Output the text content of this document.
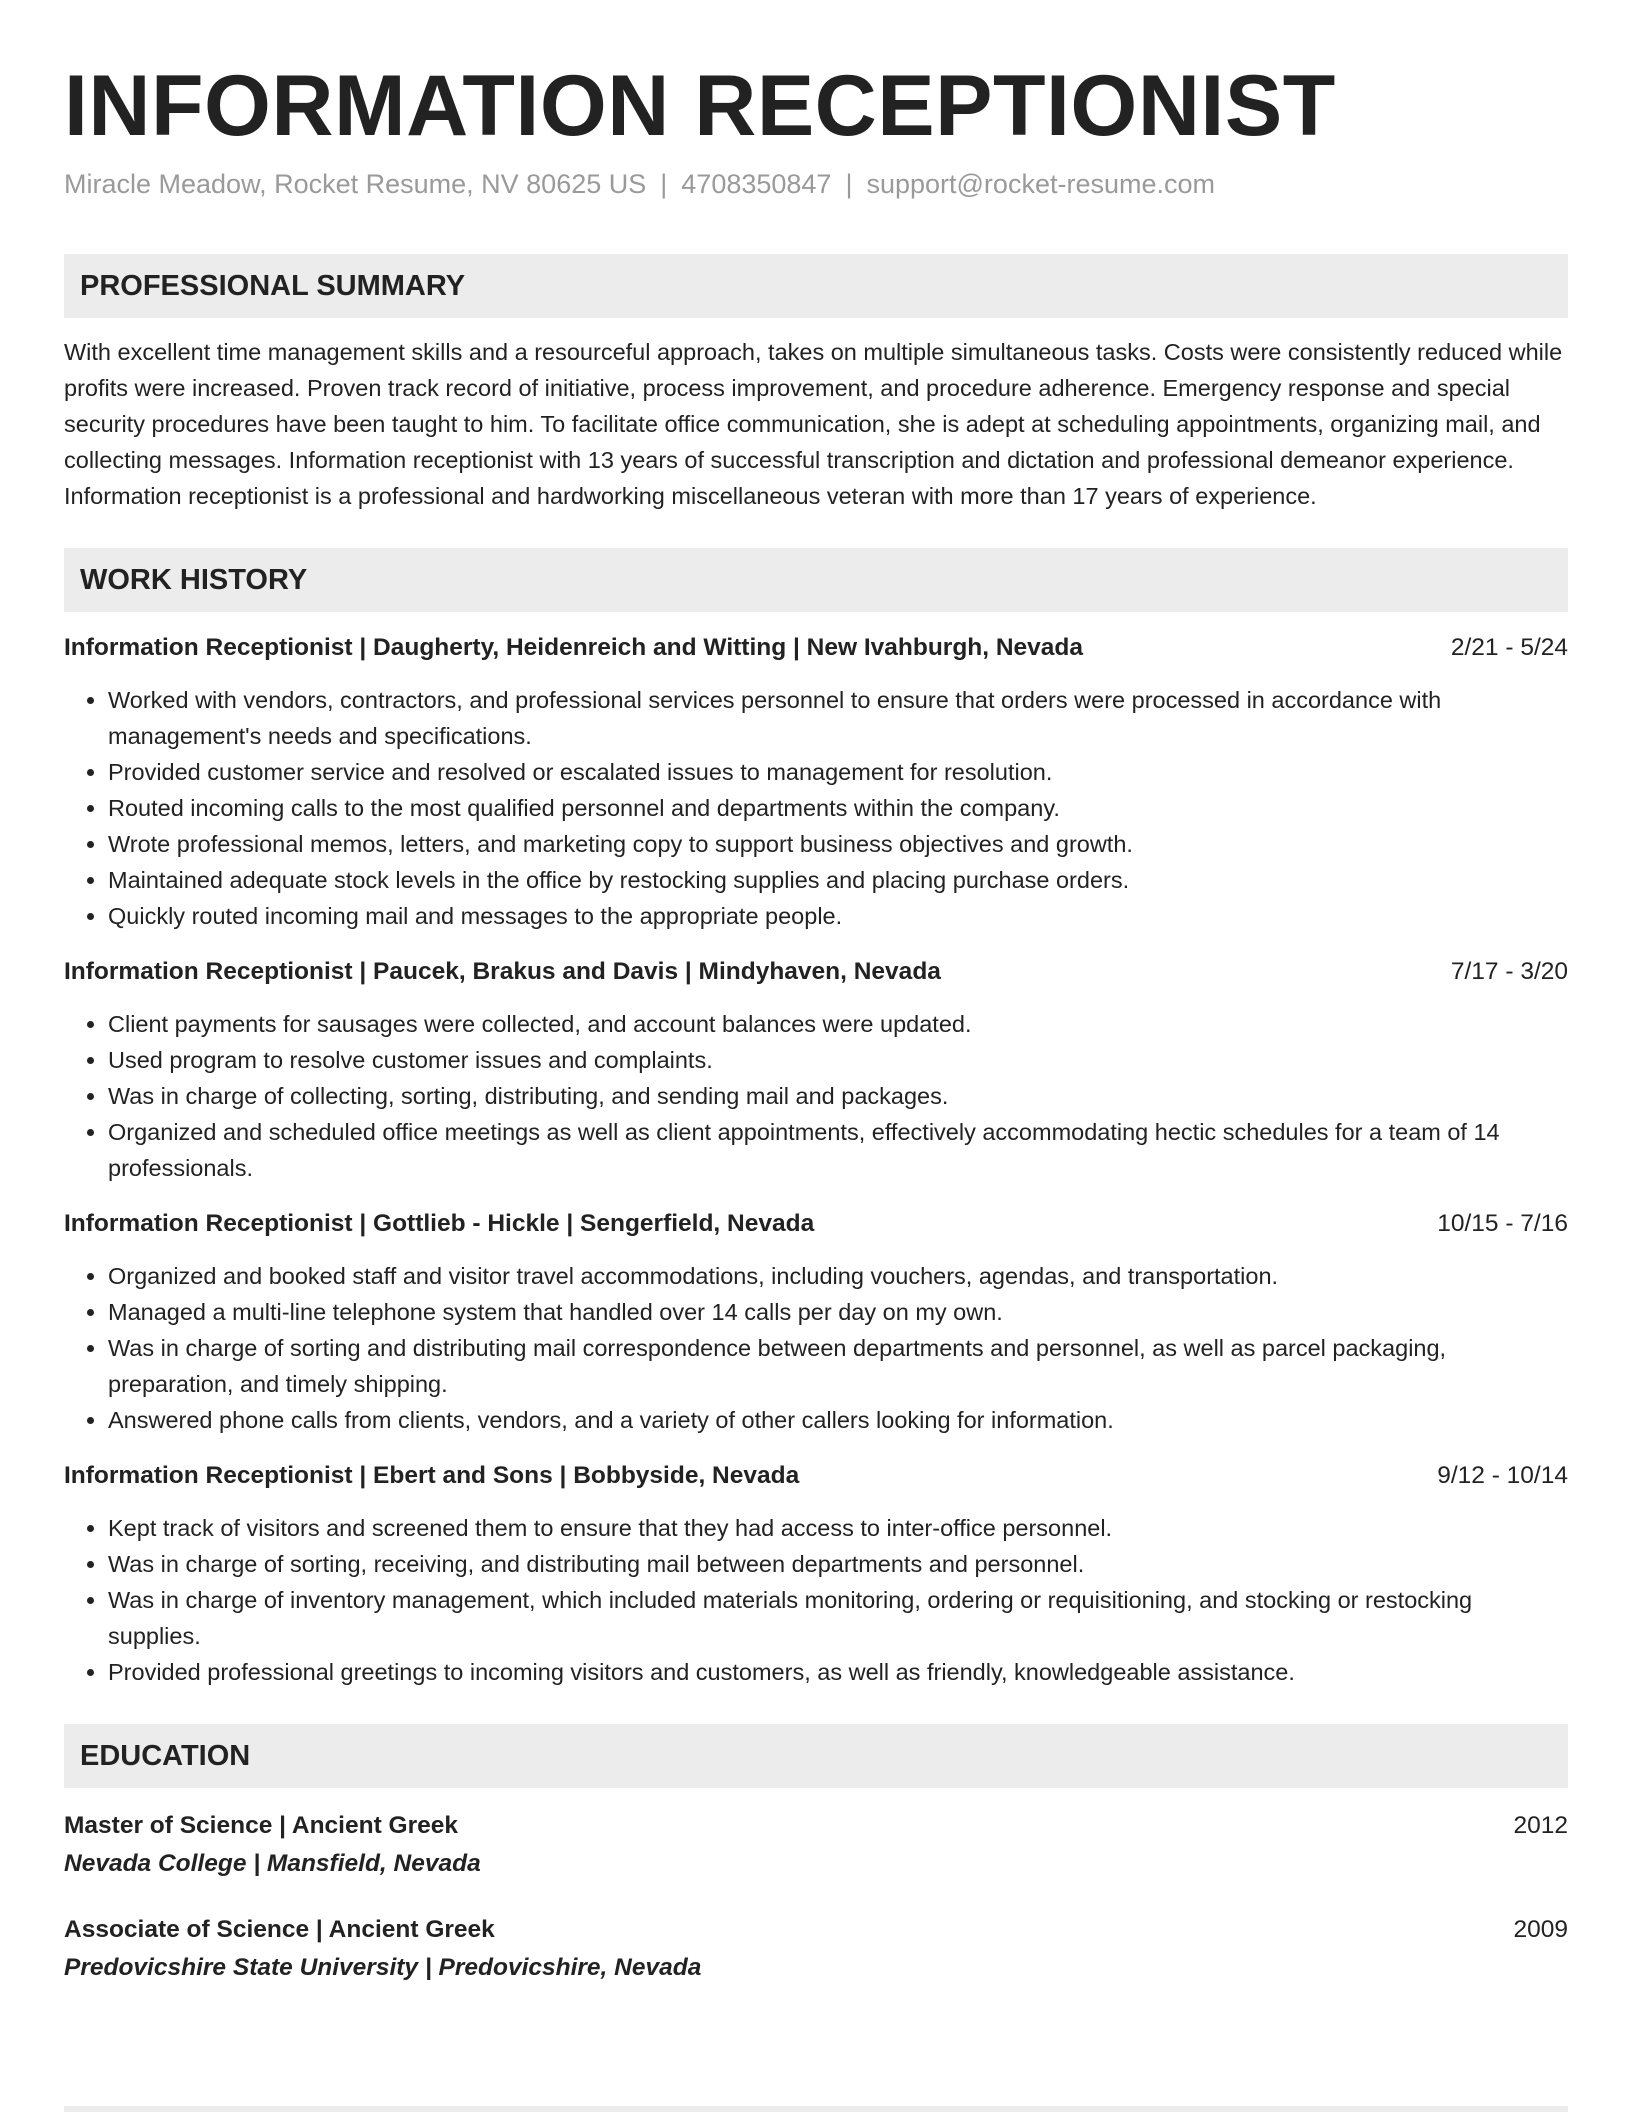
INFORMATION RECEPTIONIST
Miracle Meadow, Rocket Resume, NV 80625 US | 4708350847 | support@rocket-resume.com
PROFESSIONAL SUMMARY
With excellent time management skills and a resourceful approach, takes on multiple simultaneous tasks. Costs were consistently reduced while profits were increased. Proven track record of initiative, process improvement, and procedure adherence. Emergency response and special security procedures have been taught to him. To facilitate office communication, she is adept at scheduling appointments, organizing mail, and collecting messages. Information receptionist with 13 years of successful transcription and dictation and professional demeanor experience. Information receptionist is a professional and hardworking miscellaneous veteran with more than 17 years of experience.
WORK HISTORY
Information Receptionist | Daugherty, Heidenreich and Witting | New Ivahburgh, Nevada	2/21 - 5/24
• Worked with vendors, contractors, and professional services personnel to ensure that orders were processed in accordance with management's needs and specifications.
• Provided customer service and resolved or escalated issues to management for resolution.
• Routed incoming calls to the most qualified personnel and departments within the company.
• Wrote professional memos, letters, and marketing copy to support business objectives and growth.
• Maintained adequate stock levels in the office by restocking supplies and placing purchase orders.
• Quickly routed incoming mail and messages to the appropriate people.
Information Receptionist | Paucek, Brakus and Davis | Mindyhaven, Nevada	7/17 - 3/20
• Client payments for sausages were collected, and account balances were updated.
• Used program to resolve customer issues and complaints.
• Was in charge of collecting, sorting, distributing, and sending mail and packages.
• Organized and scheduled office meetings as well as client appointments, effectively accommodating hectic schedules for a team of 14 professionals.
Information Receptionist | Gottlieb - Hickle | Sengerfield, Nevada	10/15 - 7/16
• Organized and booked staff and visitor travel accommodations, including vouchers, agendas, and transportation.
• Managed a multi-line telephone system that handled over 14 calls per day on my own.
• Was in charge of sorting and distributing mail correspondence between departments and personnel, as well as parcel packaging, preparation, and timely shipping.
• Answered phone calls from clients, vendors, and a variety of other callers looking for information.
Information Receptionist | Ebert and Sons | Bobbyside, Nevada	9/12 - 10/14
• Kept track of visitors and screened them to ensure that they had access to inter-office personnel.
• Was in charge of sorting, receiving, and distributing mail between departments and personnel.
• Was in charge of inventory management, which included materials monitoring, ordering or requisitioning, and stocking or restocking supplies.
• Provided professional greetings to incoming visitors and customers, as well as friendly, knowledgeable assistance.
EDUCATION
Master of Science | Ancient Greek	2012
Nevada College | Mansfield, Nevada
Associate of Science | Ancient Greek	2009
Predovicshire State University | Predovicshire, Nevada
